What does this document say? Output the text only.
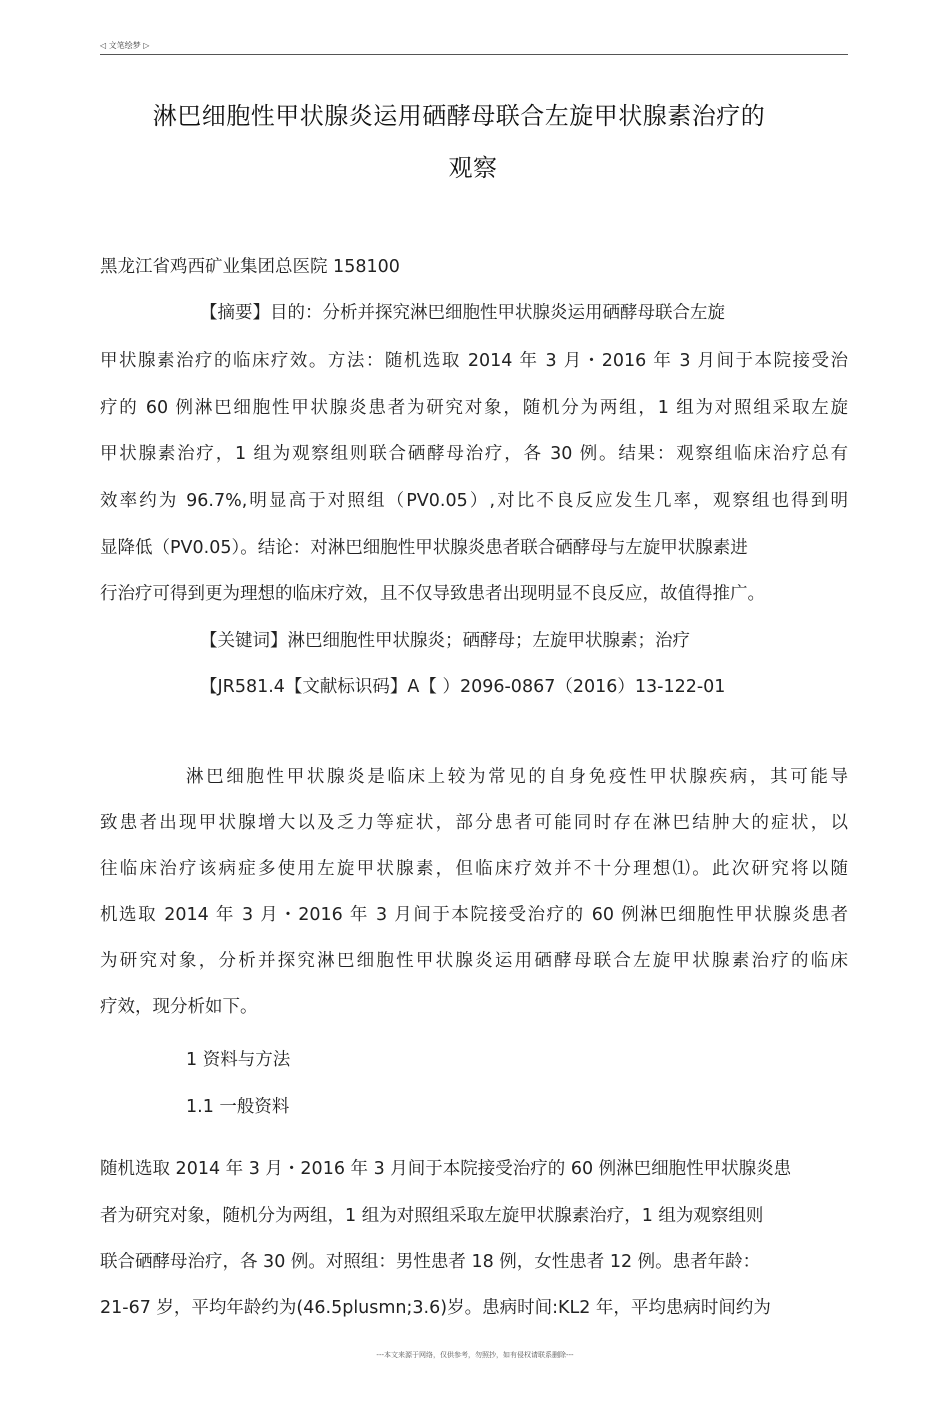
◁ 文笔绘梦 ▷
淋巴细胞性甲状腺炎运用硒酵母联合左旋甲状腺素治疗的
观察
黑龙江省鸡西矿业集团总医院 158100
【摘要】目的：分析并探究淋巴细胞性甲状腺炎运用硒酵母联合左旋
甲状腺素治疗的临床疗效。方法：随机选取 2014 年 3 月・2016 年 3 月间于本院接受治
疗的 60 例淋巴细胞性甲状腺炎患者为研究对象，随机分为两组，1 组为对照组采取左旋
甲状腺素治疗，1 组为观察组则联合硒酵母治疗，各 30 例。结果：观察组临床治疗总有
效率约为 96.7%,明显高于对照组（PV0.05）,对比不良反应发生几率，观察组也得到明
显降低（PV0.05）。结论：对淋巴细胞性甲状腺炎患者联合硒酵母与左旋甲状腺素进
行治疗可得到更为理想的临床疗效，且不仅导致患者出现明显不良反应，故值得推广。
【关键词】淋巴细胞性甲状腺炎；硒酵母；左旋甲状腺素；治疗
【JR581.4【文献标识码】A【 ）2096-0867（2016）13-122-01
淋巴细胞性甲状腺炎是临床上较为常见的自身免疫性甲状腺疾病，其可能导
致患者出现甲状腺增大以及乏力等症状，部分患者可能同时存在淋巴结肿大的症状，以
往临床治疗该病症多使用左旋甲状腺素，但临床疗效并不十分理想⑴。此次研究将以随
机选取 2014 年 3 月・2016 年 3 月间于本院接受治疗的 60 例淋巴细胞性甲状腺炎患者
为研究对象，分析并探究淋巴细胞性甲状腺炎运用硒酵母联合左旋甲状腺素治疗的临床
疗效，现分析如下。
1 资料与方法
1.1 一般资料
随机选取 2014 年 3 月・2016 年 3 月间于本院接受治疗的 60 例淋巴细胞性甲状腺炎患
者为研究对象，随机分为两组，1 组为对照组采取左旋甲状腺素治疗，1 组为观察组则
联合硒酵母治疗，各 30 例。对照组：男性患者 18 例，女性患者 12 例。患者年龄：
21-67 岁，平均年龄约为(46.5plusmn;3.6)岁。患病时间:KL2 年，平均患病时间约为
---本文来源于网络，仅供参考，勿照抄，如有侵权请联系删除---
